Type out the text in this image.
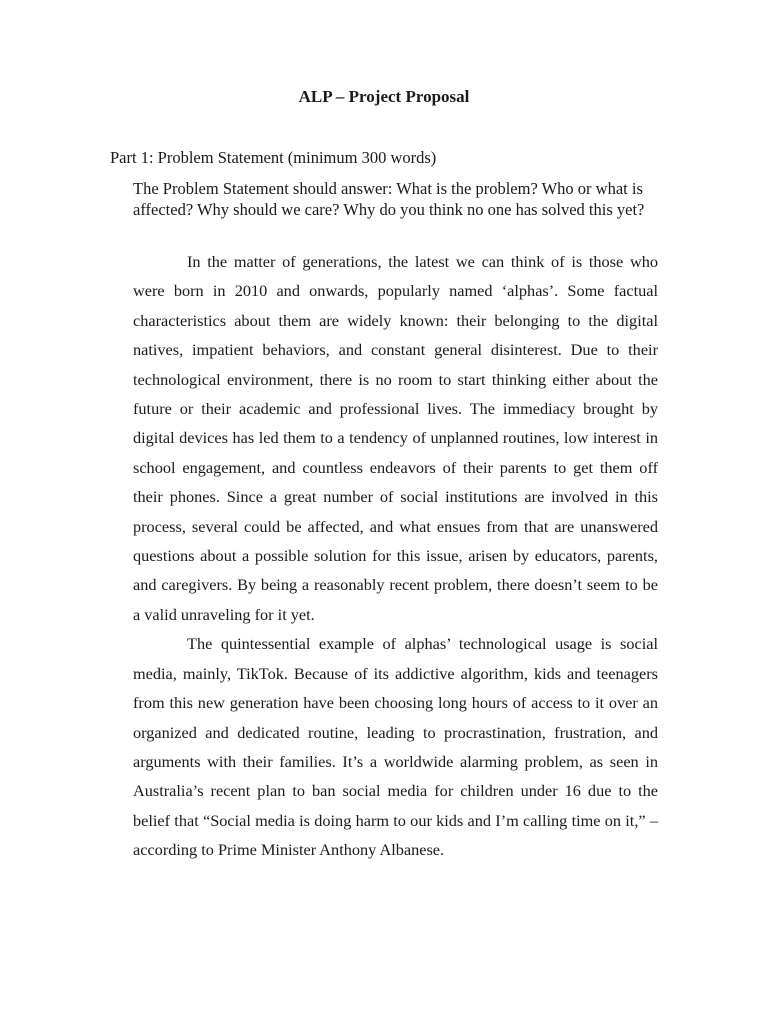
ALP – Project Proposal
Part 1: Problem Statement (minimum 300 words)
The Problem Statement should answer: What is the problem? Who or what is affected? Why should we care? Why do you think no one has solved this yet?

In the matter of generations, the latest we can think of is those who were born in 2010 and onwards, popularly named ‘alphas’. Some factual characteristics about them are widely known: their belonging to the digital natives, impatient behaviors, and constant general disinterest. Due to their technological environment, there is no room to start thinking either about the future or their academic and professional lives. The immediacy brought by digital devices has led them to a tendency of unplanned routines, low interest in school engagement, and countless endeavors of their parents to get them off their phones. Since a great number of social institutions are involved in this process, several could be affected, and what ensues from that are unanswered questions about a possible solution for this issue, arisen by educators, parents, and caregivers. By being a reasonably recent problem, there doesn’t seem to be a valid unraveling for it yet.

The quintessential example of alphas’ technological usage is social media, mainly, TikTok. Because of its addictive algorithm, kids and teenagers from this new generation have been choosing long hours of access to it over an organized and dedicated routine, leading to procrastination, frustration, and arguments with their families. It’s a worldwide alarming problem, as seen in Australia’s recent plan to ban social media for children under 16 due to the belief that “Social media is doing harm to our kids and I’m calling time on it,” – according to Prime Minister Anthony Albanese.
